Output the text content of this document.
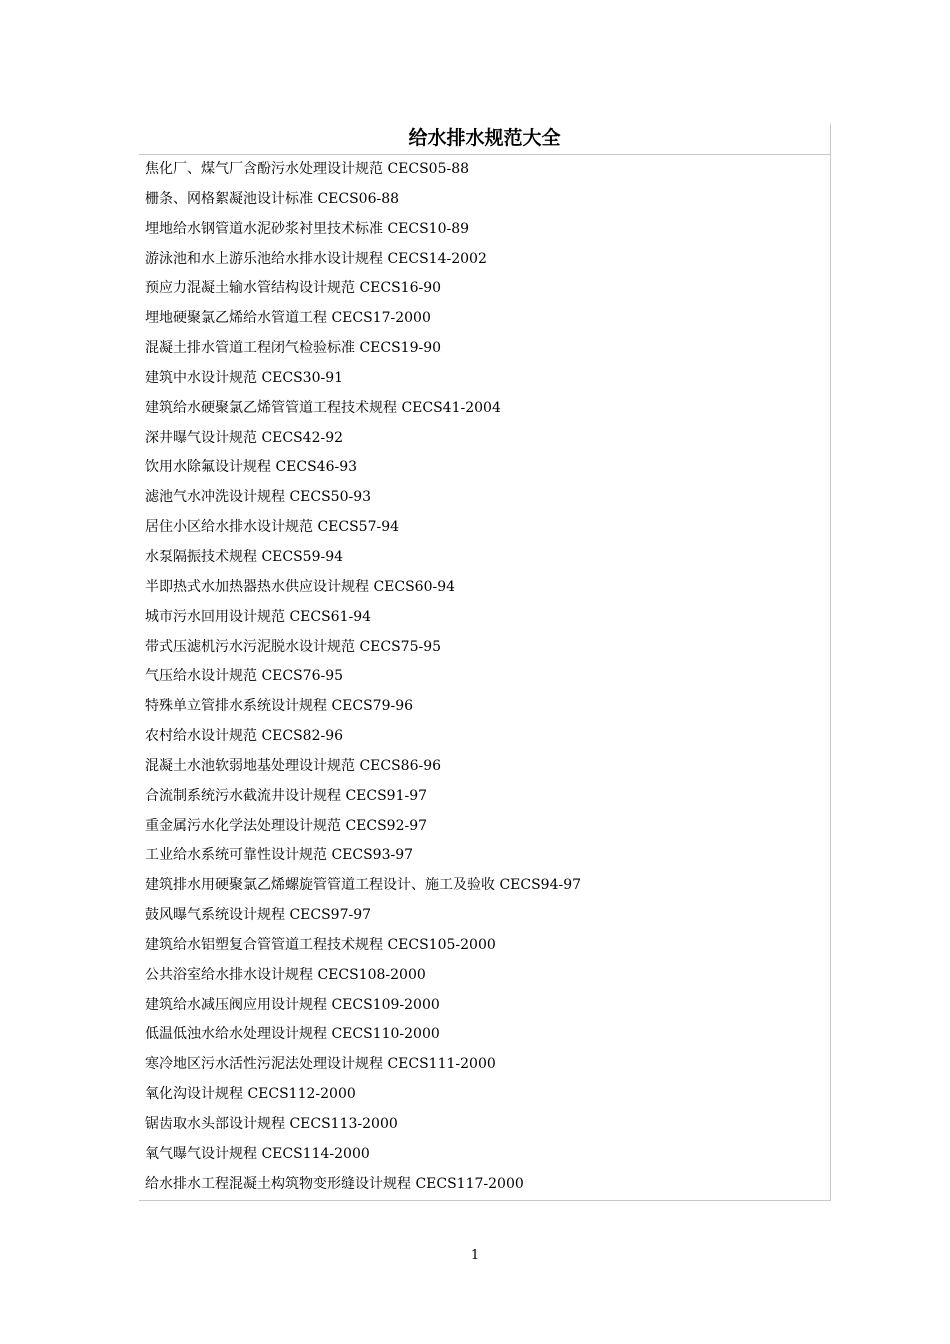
给水排水规范大全
焦化厂、煤气厂含酚污水处理设计规范 CECS05-88
栅条、网格絮凝池设计标准 CECS06-88
埋地给水钢管道水泥砂浆衬里技术标准 CECS10-89
游泳池和水上游乐池给水排水设计规程 CECS14-2002
预应力混凝土输水管结构设计规范 CECS16-90
埋地硬聚氯乙烯给水管道工程 CECS17-2000
混凝土排水管道工程闭气检验标准 CECS19-90
建筑中水设计规范 CECS30-91
建筑给水硬聚氯乙烯管管道工程技术规程 CECS41-2004
深井曝气设计规范 CECS42-92
饮用水除氟设计规程 CECS46-93
滤池气水冲洗设计规程 CECS50-93
居住小区给水排水设计规范 CECS57-94
水泵隔振技术规程 CECS59-94
半即热式水加热器热水供应设计规程 CECS60-94
城市污水回用设计规范 CECS61-94
带式压滤机污水污泥脱水设计规范 CECS75-95
气压给水设计规范 CECS76-95
特殊单立管排水系统设计规程 CECS79-96
农村给水设计规范 CECS82-96
混凝土水池软弱地基处理设计规范 CECS86-96
合流制系统污水截流井设计规程 CECS91-97
重金属污水化学法处理设计规范 CECS92-97
工业给水系统可靠性设计规范 CECS93-97
建筑排水用硬聚氯乙烯螺旋管管道工程设计、施工及验收 CECS94-97
鼓风曝气系统设计规程 CECS97-97
建筑给水铝塑复合管管道工程技术规程 CECS105-2000
公共浴室给水排水设计规程 CECS108-2000
建筑给水减压阀应用设计规程 CECS109-2000
低温低浊水给水处理设计规程 CECS110-2000
寒冷地区污水活性污泥法处理设计规程 CECS111-2000
氧化沟设计规程 CECS112-2000
锯齿取水头部设计规程 CECS113-2000
氧气曝气设计规程 CECS114-2000
给水排水工程混凝土构筑物变形缝设计规程 CECS117-2000
1
